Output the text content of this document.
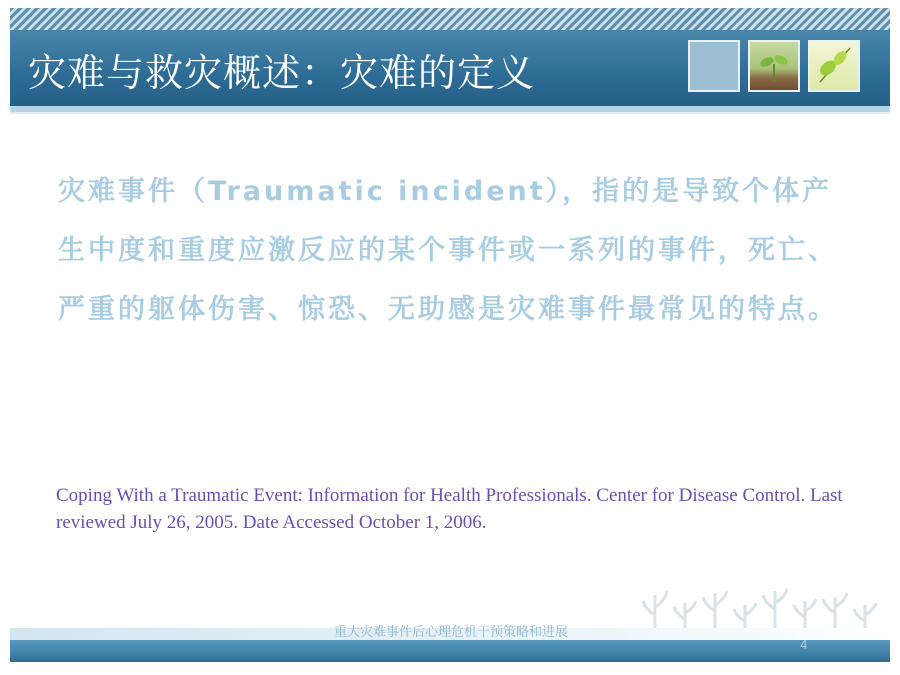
灾难与救灾概述：灾难的定义
灾难事件（Traumatic incident），指的是导致个体产生中度和重度应激反应的某个事件或一系列的事件，死亡、严重的躯体伤害、惊恐、无助感是灾难事件最常见的特点。
Coping With a Traumatic Event: Information for Health Professionals. Center for Disease Control. Last reviewed July 26, 2005. Date Accessed October 1, 2006.
重大灾难事件后心理危机干预策略和进展
4
